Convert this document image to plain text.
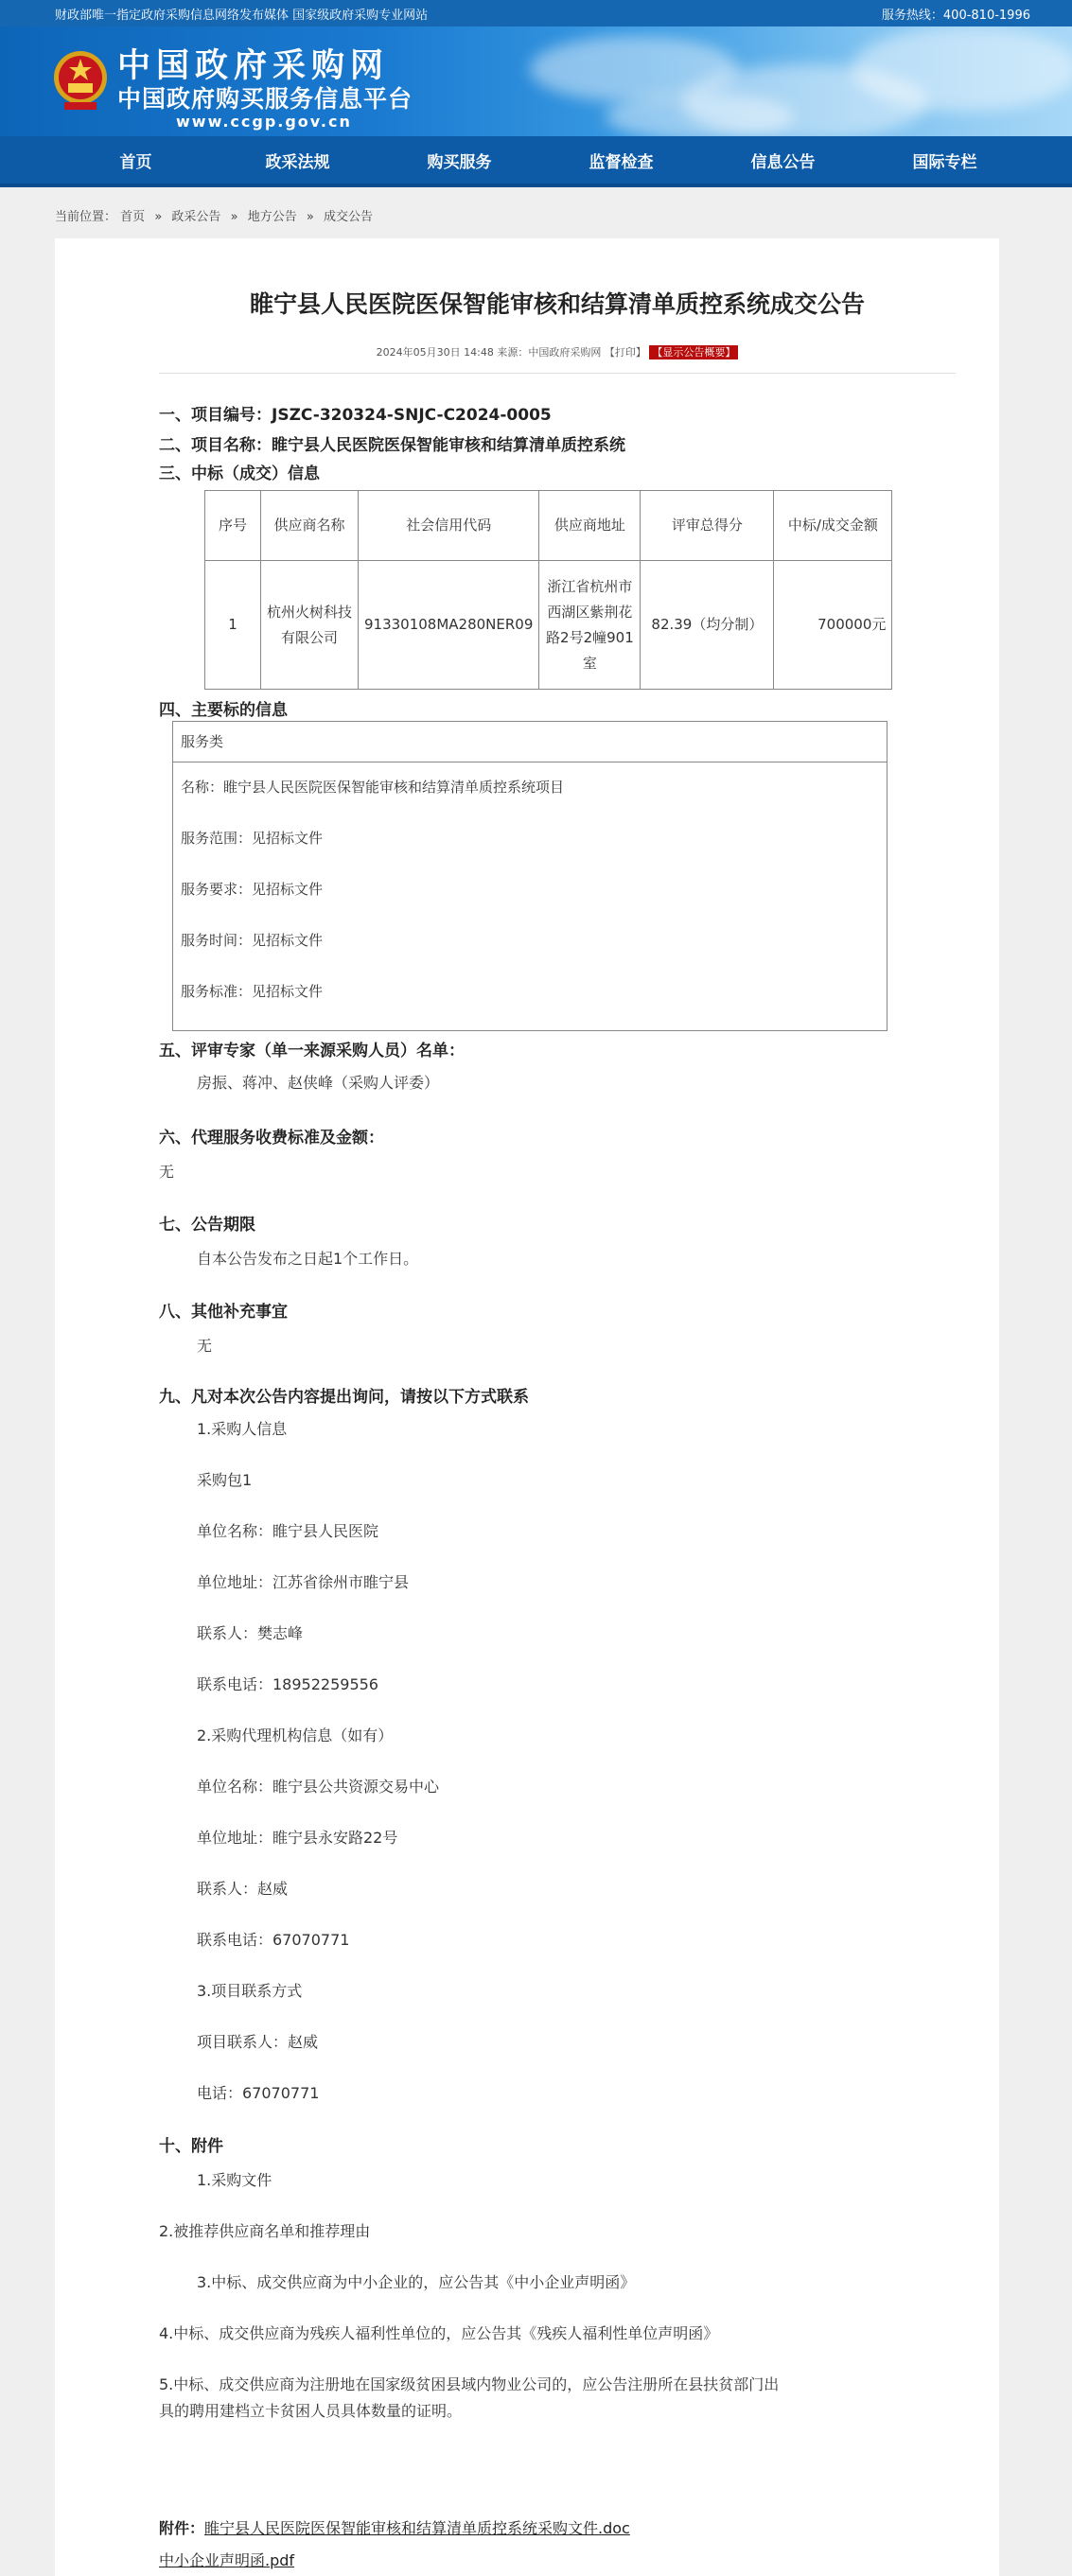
财政部唯一指定政府采购信息网络发布媒体 国家级政府采购专业网站	服务热线：400-810-1996
中国政府采购网
中国政府购买服务信息平台
www.ccgp.gov.cn
首页	政采法规	购买服务	监督检查	信息公告	国际专栏
当前位置： 首页 » 政采公告 » 地方公告 » 成交公告
睢宁县人民医院医保智能审核和结算清单质控系统成交公告
2024年05月30日 14:48 来源：中国政府采购网 【打印】 【显示公告概要】
一、项目编号：JSZC-320324-SNJC-C2024-0005
二、项目名称：睢宁县人民医院医保智能审核和结算清单质控系统
三、中标（成交）信息
序号	供应商名称	社会信用代码	供应商地址	评审总得分	中标/成交金额
1	杭州火树科技有限公司	91330108MA280NER09	浙江省杭州市西湖区紫荆花路2号2幢901室	82.39（均分制）	700000元
四、主要标的信息
服务类
名称：睢宁县人民医院医保智能审核和结算清单质控系统项目
服务范围：见招标文件
服务要求：见招标文件
服务时间：见招标文件
服务标准：见招标文件
五、评审专家（单一来源采购人员）名单：
房振、蒋冲、赵侠峰（采购人评委）
六、代理服务收费标准及金额：
无
七、公告期限
自本公告发布之日起1个工作日。
八、其他补充事宜
无
九、凡对本次公告内容提出询问，请按以下方式联系
1.采购人信息
采购包1
单位名称：睢宁县人民医院
单位地址：江苏省徐州市睢宁县
联系人：樊志峰
联系电话：18952259556
2.采购代理机构信息（如有）
单位名称：睢宁县公共资源交易中心
单位地址：睢宁县永安路22号
联系人：赵威
联系电话：67070771
3.项目联系方式
项目联系人：赵威
电话：67070771
十、附件
1.采购文件
2.被推荐供应商名单和推荐理由
3.中标、成交供应商为中小企业的，应公告其《中小企业声明函》
4.中标、成交供应商为残疾人福利性单位的，应公告其《残疾人福利性单位声明函》
5.中标、成交供应商为注册地在国家级贫困县域内物业公司的，应公告注册所在县扶贫部门出
具的聘用建档立卡贫困人员具体数量的证明。
附件：睢宁县人民医院医保智能审核和结算清单质控系统采购文件.doc
中小企业声明函.pdf
